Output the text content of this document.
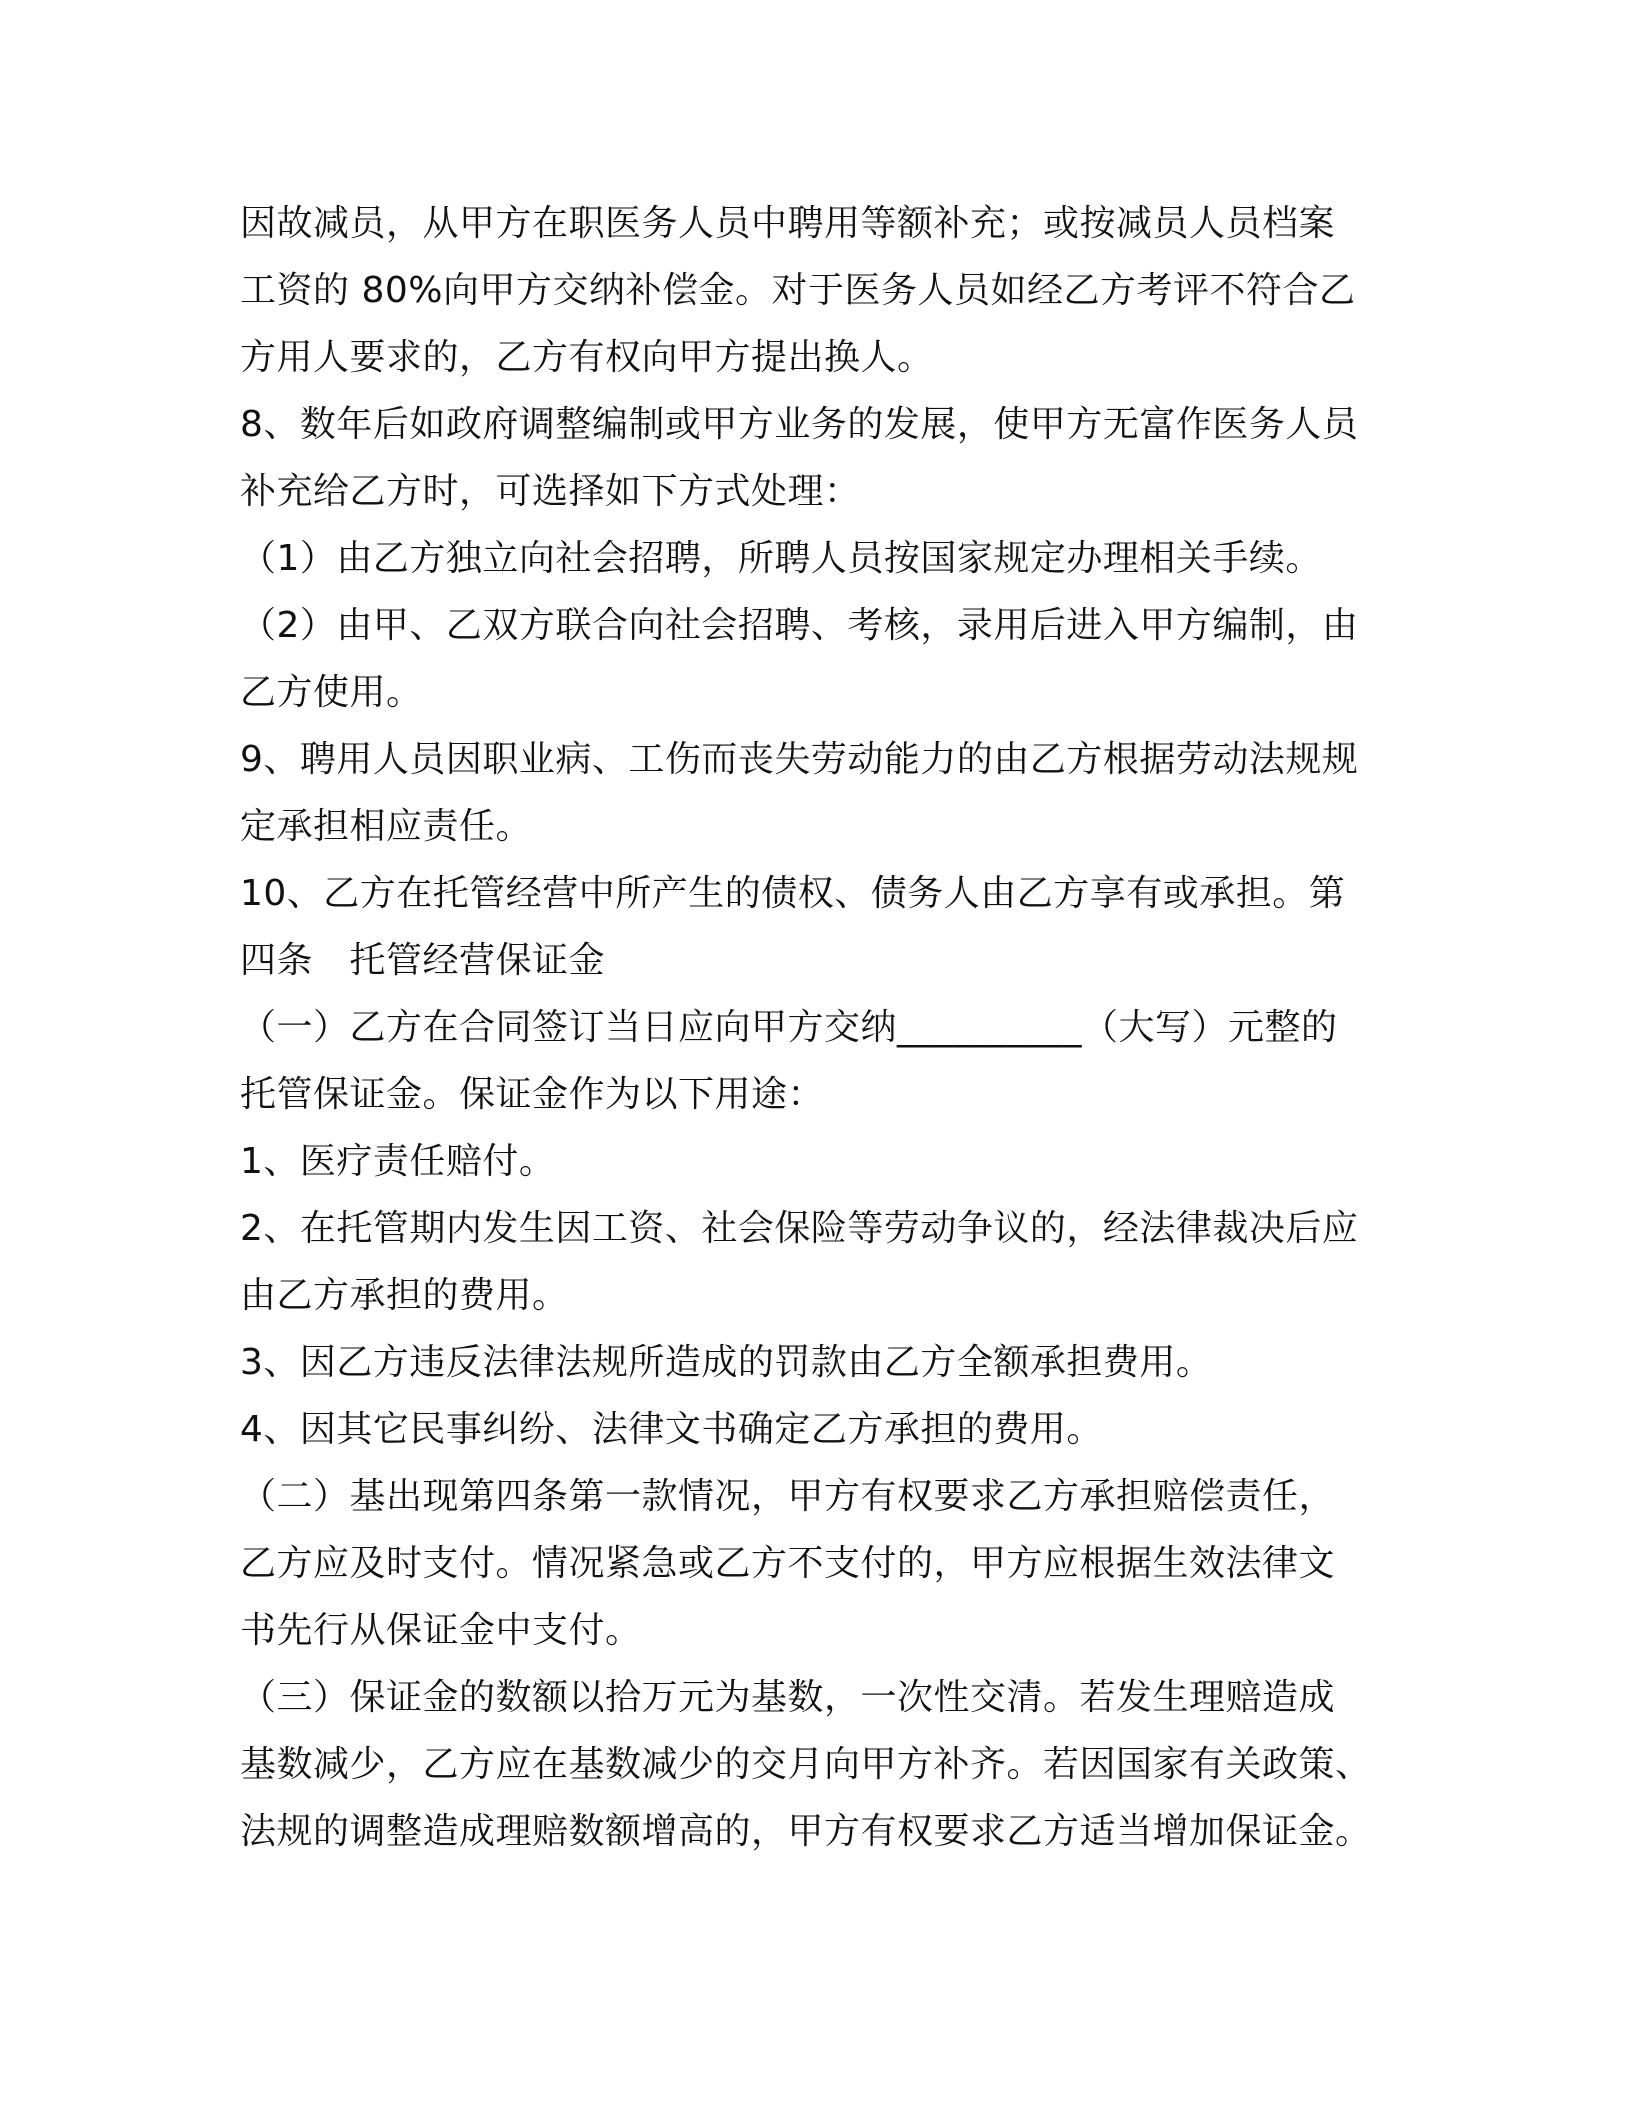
因故减员，从甲方在职医务人员中聘用等额补充；或按减员人员档案
工资的 80%向甲方交纳补偿金。对于医务人员如经乙方考评不符合乙
方用人要求的，乙方有权向甲方提出换人。
8、数年后如政府调整编制或甲方业务的发展，使甲方无富作医务人员
补充给乙方时，可选择如下方式处理：
（1）由乙方独立向社会招聘，所聘人员按国家规定办理相关手续。
（2）由甲、乙双方联合向社会招聘、考核，录用后进入甲方编制，由
乙方使用。
9、聘用人员因职业病、工伤而丧失劳动能力的由乙方根据劳动法规规
定承担相应责任。
10、乙方在托管经营中所产生的债权、债务人由乙方享有或承担。第
四条　托管经营保证金
（一）乙方在合同签订当日应向甲方交纳__________（大写）元整的
托管保证金。保证金作为以下用途：
1、医疗责任赔付。
2、在托管期内发生因工资、社会保险等劳动争议的，经法律裁决后应
由乙方承担的费用。
3、因乙方违反法律法规所造成的罚款由乙方全额承担费用。
4、因其它民事纠纷、法律文书确定乙方承担的费用。
（二）基出现第四条第一款情况，甲方有权要求乙方承担赔偿责任，
乙方应及时支付。情况紧急或乙方不支付的，甲方应根据生效法律文
书先行从保证金中支付。
（三）保证金的数额以拾万元为基数，一次性交清。若发生理赔造成
基数减少，乙方应在基数减少的交月向甲方补齐。若因国家有关政策、
法规的调整造成理赔数额增高的，甲方有权要求乙方适当增加保证金。
